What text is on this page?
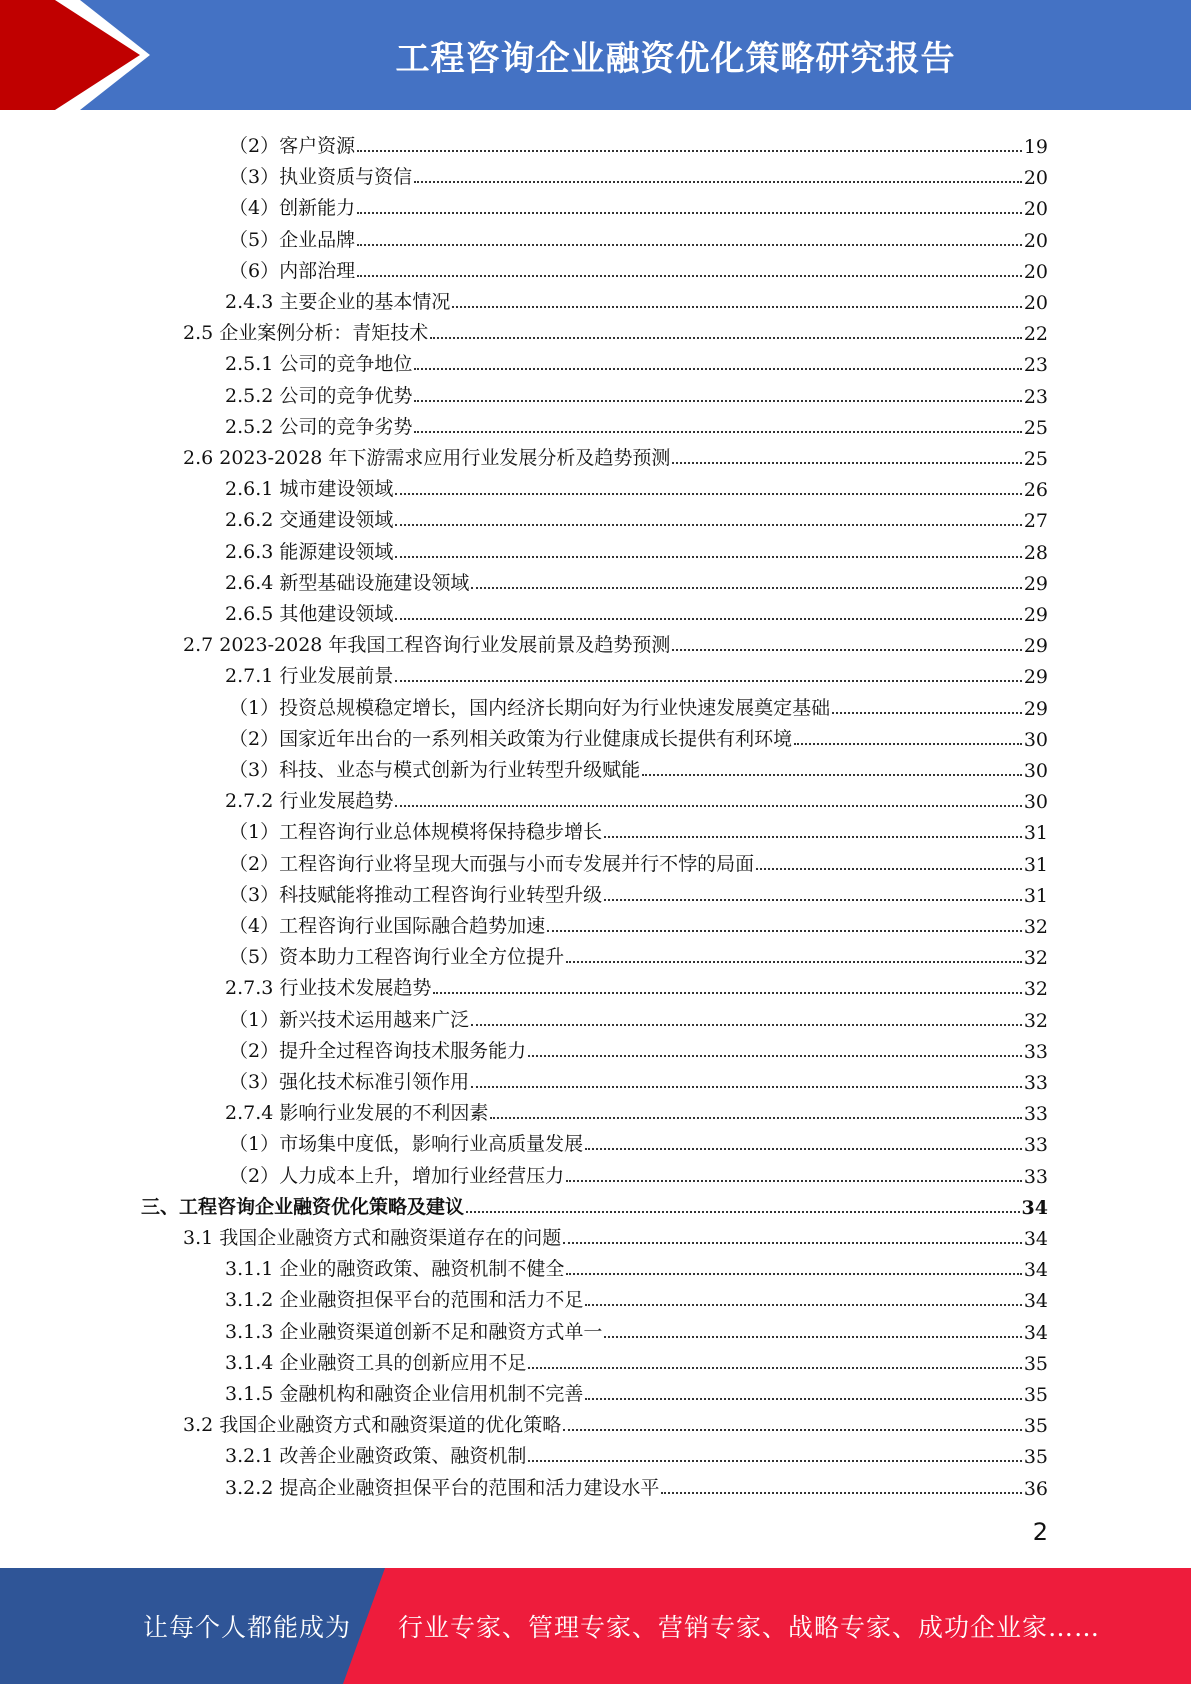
工程咨询企业融资优化策略研究报告
（2）客户资源	19
（3）执业资质与资信	20
（4）创新能力	20
（5）企业品牌	20
（6）内部治理	20
2.4.3 主要企业的基本情况	20
2.5 企业案例分析：青矩技术	22
2.5.1 公司的竞争地位	23
2.5.2 公司的竞争优势	23
2.5.2 公司的竞争劣势	25
2.6 2023-2028 年下游需求应用行业发展分析及趋势预测	25
2.6.1 城市建设领域	26
2.6.2 交通建设领域	27
2.6.3 能源建设领域	28
2.6.4 新型基础设施建设领域	29
2.6.5 其他建设领域	29
2.7 2023-2028 年我国工程咨询行业发展前景及趋势预测	29
2.7.1 行业发展前景	29
（1）投资总规模稳定增长，国内经济长期向好为行业快速发展奠定基础	29
（2）国家近年出台的一系列相关政策为行业健康成长提供有利环境	30
（3）科技、业态与模式创新为行业转型升级赋能	30
2.7.2 行业发展趋势	30
（1）工程咨询行业总体规模将保持稳步增长	31
（2）工程咨询行业将呈现大而强与小而专发展并行不悖的局面	31
（3）科技赋能将推动工程咨询行业转型升级	31
（4）工程咨询行业国际融合趋势加速	32
（5）资本助力工程咨询行业全方位提升	32
2.7.3 行业技术发展趋势	32
（1）新兴技术运用越来广泛	32
（2）提升全过程咨询技术服务能力	33
（3）强化技术标准引领作用	33
2.7.4 影响行业发展的不利因素	33
（1）市场集中度低，影响行业高质量发展	33
（2）人力成本上升，增加行业经营压力	33
三、工程咨询企业融资优化策略及建议	34
3.1 我国企业融资方式和融资渠道存在的问题	34
3.1.1 企业的融资政策、融资机制不健全	34
3.1.2 企业融资担保平台的范围和活力不足	34
3.1.3 企业融资渠道创新不足和融资方式单一	34
3.1.4 企业融资工具的创新应用不足	35
3.1.5 金融机构和融资企业信用机制不完善	35
3.2 我国企业融资方式和融资渠道的优化策略	35
3.2.1 改善企业融资政策、融资机制	35
3.2.2 提高企业融资担保平台的范围和活力建设水平	36
2
让每个人都能成为 行业专家、管理专家、营销专家、战略专家、成功企业家……
